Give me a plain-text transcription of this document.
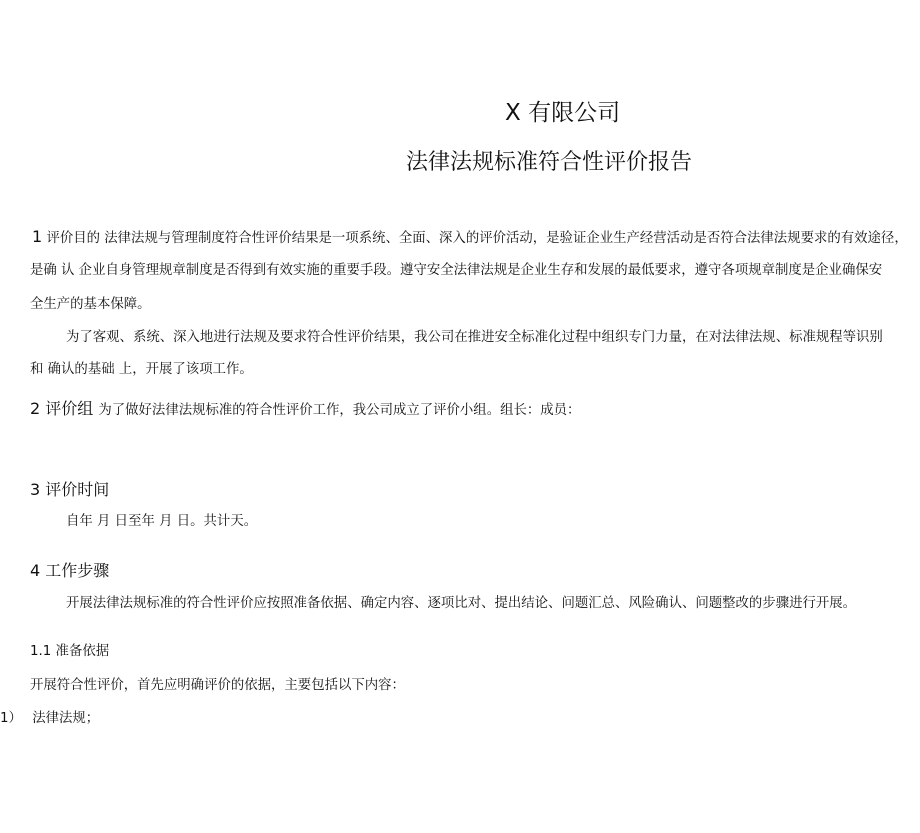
X 有限公司
法律法规标准符合性评价报告
1 评价目的 法律法规与管理制度符合性评价结果是一项系统、全面、深入的评价活动，是验证企业生产经营活动是否符合法律法规要求的有效途径，
是确 认 企业自身管理规章制度是否得到有效实施的重要手段。遵守安全法律法规是企业生存和发展的最低要求，遵守各项规章制度是企业确保安
全生产的基本保障。
为了客观、系统、深入地进行法规及要求符合性评价结果，我公司在推进安全标准化过程中组织专门力量，在对法律法规、标准规程等识别
和 确认的基础 上，开展了该项工作。
2 评价组 为了做好法律法规标准的符合性评价工作，我公司成立了评价小组。组长：成员：
3 评价时间
自年 月 日至年 月 日。共计天。
4 工作步骤
开展法律法规标准的符合性评价应按照准备依据、确定内容、逐项比对、提出结论、问题汇总、风险确认、问题整改的步骤进行开展。
1.1 准备依据
开展符合性评价，首先应明确评价的依据，主要包括以下内容：
1） 法律法规；
